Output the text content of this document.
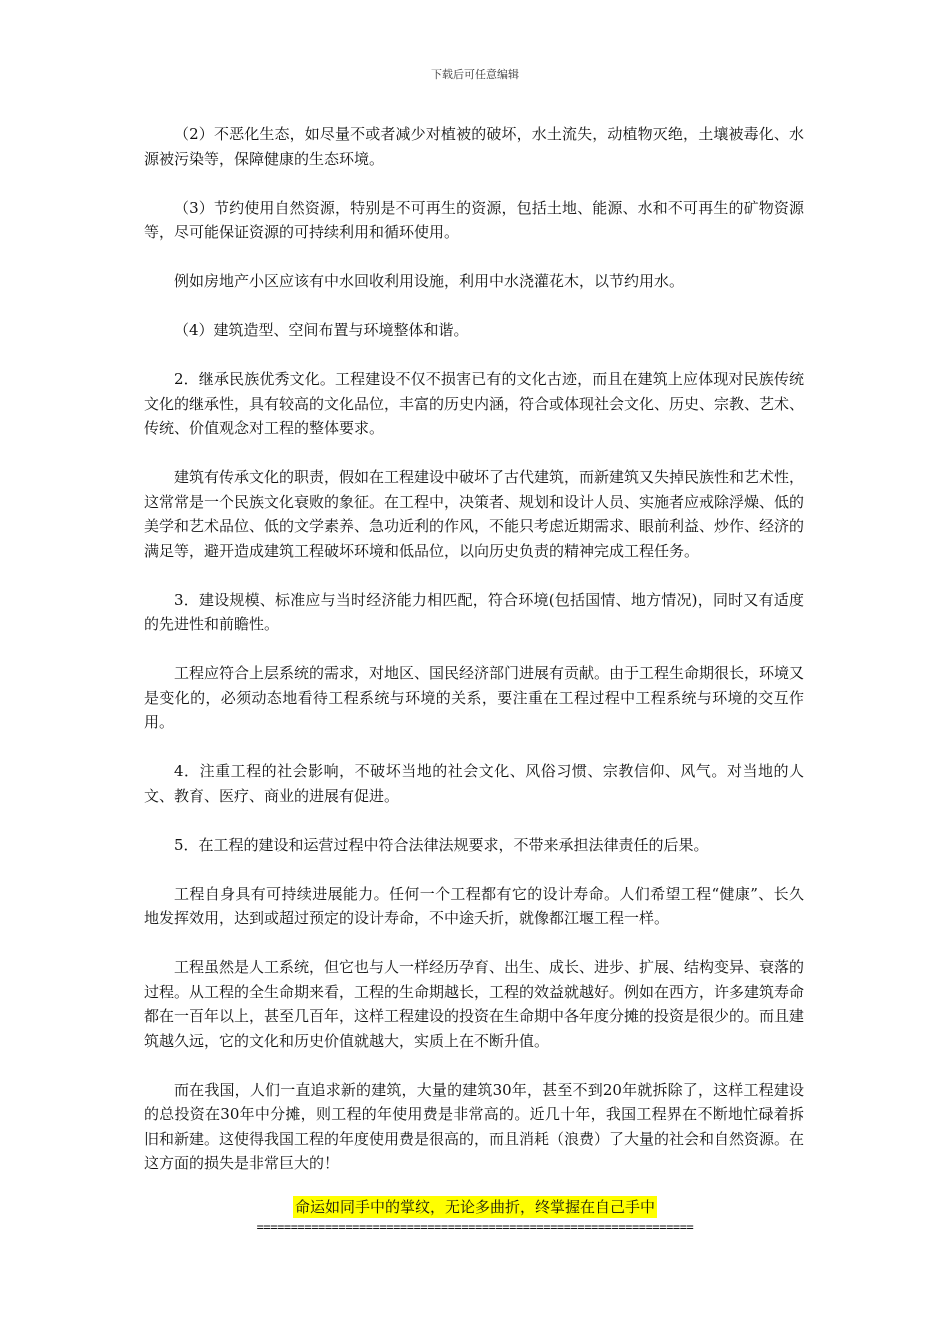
下载后可任意编辑

（2）不恶化生态，如尽量不或者减少对植被的破坏，水土流失，动植物灭绝，土壤被毒化、水源被污染等，保障健康的生态环境。

（3）节约使用自然资源，特别是不可再生的资源，包括土地、能源、水和不可再生的矿物资源等，尽可能保证资源的可持续利用和循环使用。

例如房地产小区应该有中水回收利用设施，利用中水浇灌花木，以节约用水。

（4）建筑造型、空间布置与环境整体和谐。

2．继承民族优秀文化。工程建设不仅不损害已有的文化古迹，而且在建筑上应体现对民族传统文化的继承性，具有较高的文化品位，丰富的历史内涵，符合或体现社会文化、历史、宗教、艺术、传统、价值观念对工程的整体要求。

建筑有传承文化的职责，假如在工程建设中破坏了古代建筑，而新建筑又失掉民族性和艺术性，这常常是一个民族文化衰败的象征。在工程中，决策者、规划和设计人员、实施者应戒除浮燥、低的美学和艺术品位、低的文学素养、急功近利的作风，不能只考虑近期需求、眼前利益、炒作、经济的满足等，避开造成建筑工程破坏环境和低品位，以向历史负责的精神完成工程任务。

3．建设规模、标准应与当时经济能力相匹配，符合环境(包括国情、地方情况)，同时又有适度的先进性和前瞻性。

工程应符合上层系统的需求，对地区、国民经济部门进展有贡献。由于工程生命期很长，环境又是变化的，必须动态地看待工程系统与环境的关系，要注重在工程过程中工程系统与环境的交互作用。

4．注重工程的社会影响，不破坏当地的社会文化、风俗习惯、宗教信仰、风气。对当地的人文、教育、医疗、商业的进展有促进。

5．在工程的建设和运营过程中符合法律法规要求，不带来承担法律责任的后果。

工程自身具有可持续进展能力。任何一个工程都有它的设计寿命。人们希望工程“健康”、长久地发挥效用，达到或超过预定的设计寿命，不中途夭折，就像都江堰工程一样。

工程虽然是人工系统，但它也与人一样经历孕育、出生、成长、进步、扩展、结构变异、衰落的过程。从工程的全生命期来看，工程的生命期越长，工程的效益就越好。例如在西方，许多建筑寿命都在一百年以上，甚至几百年，这样工程建设的投资在生命期中各年度分摊的投资是很少的。而且建筑越久远，它的文化和历史价值就越大，实质上在不断升值。

而在我国，人们一直追求新的建筑，大量的建筑30年，甚至不到20年就拆除了，这样工程建设的总投资在30年中分摊，则工程的年使用费是非常高的。近几十年，我国工程界在不断地忙碌着拆旧和新建。这使得我国工程的年度使用费是很高的，而且消耗（浪费）了大量的社会和自然资源。在这方面的损失是非常巨大的！

命运如同手中的掌纹，无论多曲折，终掌握在自己手中
================================================================
